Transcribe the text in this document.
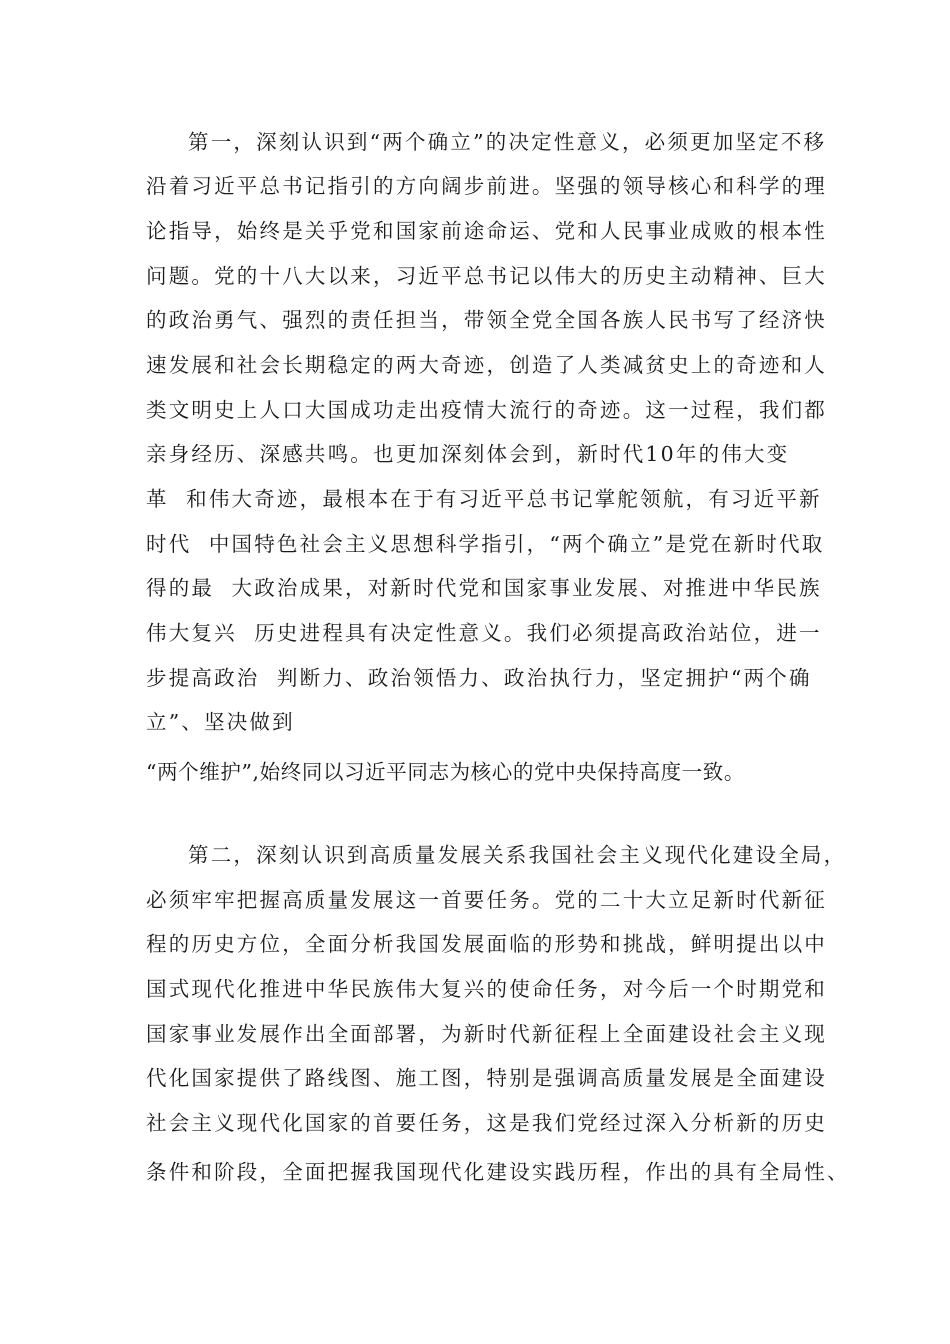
第一，深刻认识到“两个确立”的决定性意义，必须更加坚定不移

沿着习近平总书记指引的方向阔步前进。坚强的领导核心和科学的理

论指导，始终是关乎党和国家前途命运、党和人民事业成败的根本性

问题。党的十八大以来，习近平总书记以伟大的历史主动精神、巨大

的政治勇气、强烈的责任担当，带领全党全国各族人民书写了经济快

速发展和社会长期稳定的两大奇迹，创造了人类减贫史上的奇迹和人

类文明史上人口大国成功走出疫情大流行的奇迹。这一过程，我们都

亲身经历、深感共鸣。也更加深刻体会到，新时代10年的伟大变

革  和伟大奇迹，最根本在于有习近平总书记掌舵领航，有习近平新

时代  中国特色社会主义思想科学指引，“两个确立”是党在新时代取

得的最  大政治成果，对新时代党和国家事业发展、对推进中华民族

伟大复兴  历史进程具有决定性意义。我们必须提高政治站位，进一

步提高政治  判断力、政治领悟力、政治执行力，坚定拥护“两个确

立”、坚决做到

“两个维护”,始终同以习近平同志为核心的党中央保持高度一致。

第二，深刻认识到高质量发展关系我国社会主义现代化建设全局，

必须牢牢把握高质量发展这一首要任务。党的二十大立足新时代新征

程的历史方位，全面分析我国发展面临的形势和挑战，鲜明提出以中

国式现代化推进中华民族伟大复兴的使命任务，对今后一个时期党和

国家事业发展作出全面部署，为新时代新征程上全面建设社会主义现

代化国家提供了路线图、施工图，特别是强调高质量发展是全面建设

社会主义现代化国家的首要任务，这是我们党经过深入分析新的历史

条件和阶段，全面把握我国现代化建设实践历程，作出的具有全局性、
